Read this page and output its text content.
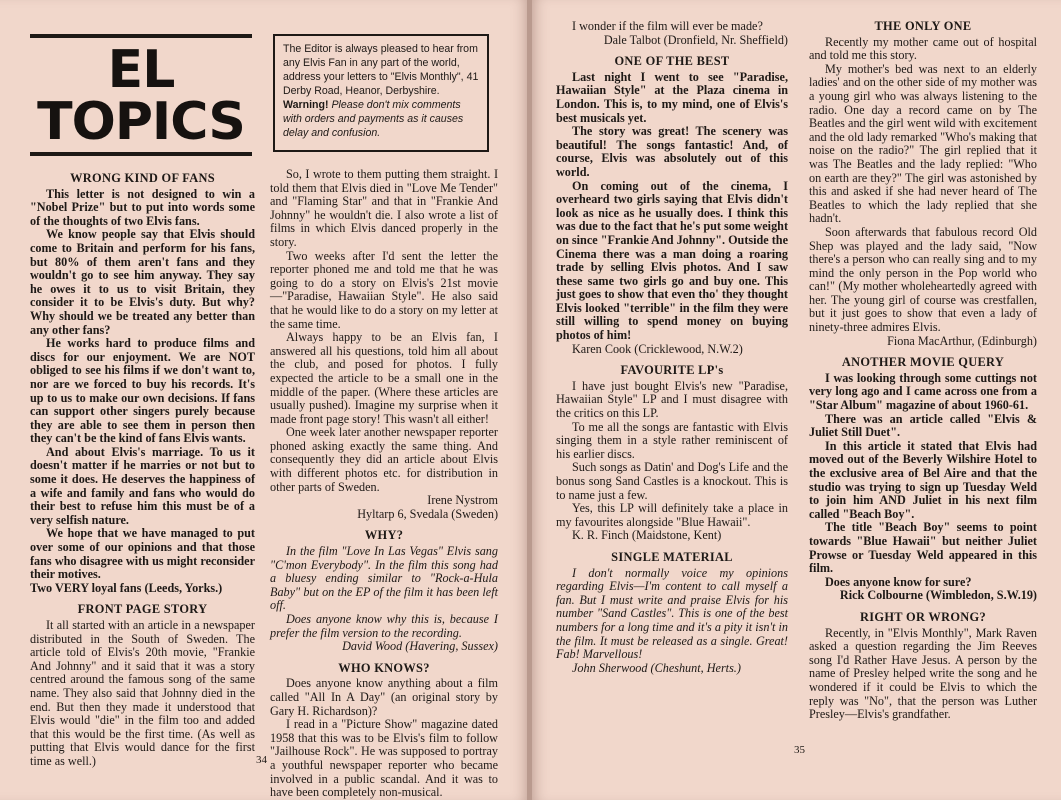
EL
TOPICS
The Editor is always pleased to hear from any Elvis Fan in any part of the world, address your letters to "Elvis Monthly", 41 Derby Road, Heanor, Derbyshire.
Warning! Please don't mix comments with orders and payments as it causes delay and confusion.
WRONG KIND OF FANS

This letter is not designed to win a "Nobel Prize" but to put into words some of the thoughts of two Elvis fans.

We know people say that Elvis should come to Britain and perform for his fans, but 80% of them aren't fans and they wouldn't go to see him anyway. They say he owes it to us to visit Britain, they consider it to be Elvis's duty. But why? Why should we be treated any better than any other fans?

He works hard to produce films and discs for our enjoyment. We are NOT obliged to see his films if we don't want to, nor are we forced to buy his records. It's up to us to make our own decisions. If fans can support other singers purely because they are able to see them in person then they can't be the kind of fans Elvis wants.

And about Elvis's marriage. To us it doesn't matter if he marries or not but to some it does. He deserves the happiness of a wife and family and fans who would do their best to refuse him this must be of a very selfish nature.

We hope that we have managed to put over some of our opinions and that those fans who disagree with us might reconsider their motives.

Two VERY loyal fans (Leeds, Yorks.)

FRONT PAGE STORY

It all started with an article in a newspaper distributed in the South of Sweden. The article told of Elvis's 20th movie, "Frankie And Johnny" and it said that it was a story centred around the famous song of the same name. They also said that Johnny died in the end. But then they made it understood that Elvis would "die" in the film too and added that this would be the first time. (As well as putting that Elvis would dance for the first time as well.)

So, I wrote to them putting them straight. I told them that Elvis died in "Love Me Tender" and "Flaming Star" and that in "Frankie And Johnny" he wouldn't die. I also wrote a list of films in which Elvis danced properly in the story.

Two weeks after I'd sent the letter the reporter phoned me and told me that he was going to do a story on Elvis's 21st movie—"Paradise, Hawaiian Style". He also said that he would like to do a story on my letter at the same time.

Always happy to be an Elvis fan, I answered all his questions, told him all about the club, and posed for photos. I fully expected the article to be a small one in the middle of the paper. (Where these articles are usually pushed). Imagine my surprise when it made front page story! This wasn't all either!

One week later another newspaper reporter phoned asking exactly the same thing. And consequently they did an article about Elvis with different photos etc. for distribution in other parts of Sweden.

Irene Nystrom

Hyltarp 6, Svedala (Sweden)

WHY?

In the film "Love In Las Vegas" Elvis sang "C'mon Everybody". In the film this song had a bluesy ending similar to "Rock-a-Hula Baby" but on the EP of the film it has been left off.

Does anyone know why this is, because I prefer the film version to the recording.

David Wood (Havering, Sussex)

WHO KNOWS?

Does anyone know anything about a film called "All In A Day" (an original story by Gary H. Richardson)?

I read in a "Picture Show" magazine dated 1958 that this was to be Elvis's film to follow "Jailhouse Rock". He was supposed to portray a youthful newspaper reporter who became involved in a public scandal. And it was to have been completely non-musical.

34

I wonder if the film will ever be made?

Dale Talbot (Dronfield, Nr. Sheffield)

ONE OF THE BEST

Last night I went to see "Paradise, Hawaiian Style" at the Plaza cinema in London. This is, to my mind, one of Elvis's best musicals yet.

The story was great! The scenery was beautiful! The songs fantastic! And, of course, Elvis was absolutely out of this world.

On coming out of the cinema, I overheard two girls saying that Elvis didn't look as nice as he usually does. I think this was due to the fact that he's put some weight on since "Frankie And Johnny". Outside the Cinema there was a man doing a roaring trade by selling Elvis photos. And I saw these same two girls go and buy one. This just goes to show that even tho' they thought Elvis looked "terrible" in the film they were still willing to spend money on buying photos of him!

Karen Cook (Cricklewood, N.W.2)

FAVOURITE LP's

I have just bought Elvis's new "Paradise, Hawaiian Style" LP and I must disagree with the critics on this LP.

To me all the songs are fantastic with Elvis singing them in a style rather reminiscent of his earlier discs.

Such songs as Datin' and Dog's Life and the bonus song Sand Castles is a knockout. This is to name just a few.

Yes, this LP will definitely take a place in my favourites alongside "Blue Hawaii".

K. R. Finch (Maidstone, Kent)

SINGLE MATERIAL

I don't normally voice my opinions regarding Elvis—I'm content to call myself a fan. But I must write and praise Elvis for his number "Sand Castles". This is one of the best numbers for a long time and it's a pity it isn't in the film. It must be released as a single. Great! Fab! Marvellous!

John Sherwood (Cheshunt, Herts.)

THE ONLY ONE

Recently my mother came out of hospital and told me this story.

My mother's bed was next to an elderly ladies' and on the other side of my mother was a young girl who was always listening to the radio. One day a record came on by The Beatles and the girl went wild with excitement and the old lady remarked "Who's making that noise on the radio?" The girl replied that it was The Beatles and the lady replied: "Who on earth are they?" The girl was astonished by this and asked if she had never heard of The Beatles to which the lady replied that she hadn't.

Soon afterwards that fabulous record Old Shep was played and the lady said, "Now there's a person who can really sing and to my mind the only person in the Pop world who can!" (My mother wholeheartedly agreed with her. The young girl of course was crestfallen, but it just goes to show that even a lady of ninety-three admires Elvis.

Fiona MacArthur, (Edinburgh)

ANOTHER MOVIE QUERY

I was looking through some cuttings not very long ago and I came across one from a "Star Album" magazine of about 1960-61.

There was an article called "Elvis & Juliet Still Duet".

In this article it stated that Elvis had moved out of the Beverly Wilshire Hotel to the exclusive area of Bel Aire and that the studio was trying to sign up Tuesday Weld to join him AND Juliet in his next film called "Beach Boy".

The title "Beach Boy" seems to point towards "Blue Hawaii" but neither Juliet Prowse or Tuesday Weld appeared in this film.

Does anyone know for sure?

Rick Colbourne (Wimbledon, S.W.19)

RIGHT OR WRONG?

Recently, in "Elvis Monthly", Mark Raven asked a question regarding the Jim Reeves song I'd Rather Have Jesus. A person by the name of Presley helped write the song and he wondered if it could be Elvis to which the reply was "No", that the person was Luther Presley—Elvis's grandfather.

35
